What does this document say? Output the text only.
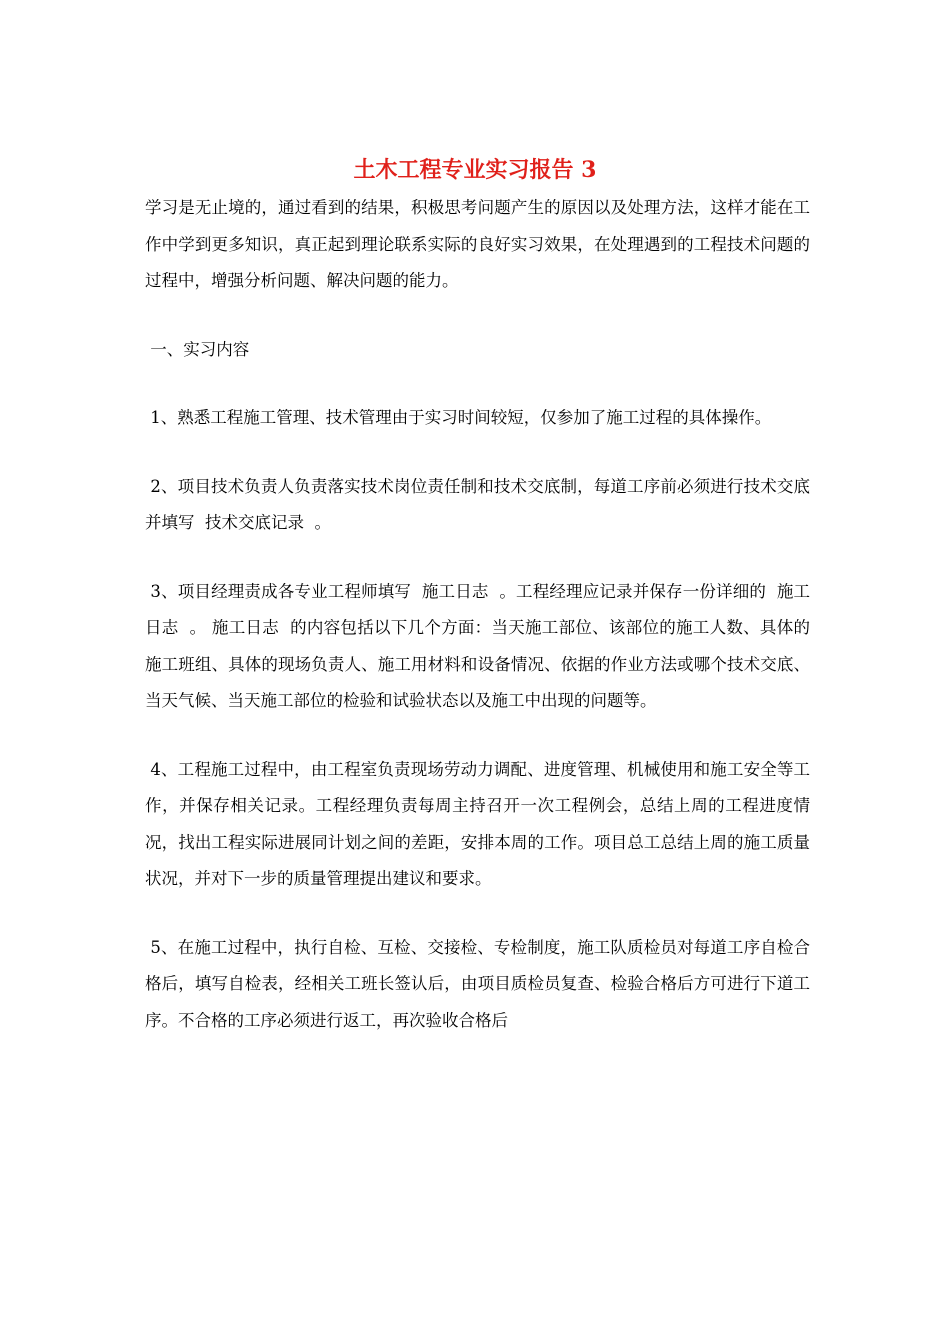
土木工程专业实习报告 3

学习是无止境的，通过看到的结果，积极思考问题产生的原因以及处理方法，这样才能在工作中学到更多知识，真正起到理论联系实际的良好实习效果，在处理遇到的工程技术问题的过程中，增强分析问题、解决问题的能力。

一、实习内容

1、熟悉工程施工管理、技术管理由于实习时间较短，仅参加了施工过程的具体操作。

2、项目技术负责人负责落实技术岗位责任制和技术交底制，每道工序前必须进行技术交底并填写  技术交底记录  。

3、项目经理责成各专业工程师填写  施工日志  。工程经理应记录并保存一份详细的  施工日志  。 施工日志  的内容包括以下几个方面：当天施工部位、该部位的施工人数、具体的施工班组、具体的现场负责人、施工用材料和设备情况、依据的作业方法或哪个技术交底、当天气候、当天施工部位的检验和试验状态以及施工中出现的问题等。

4、工程施工过程中，由工程室负责现场劳动力调配、进度管理、机械使用和施工安全等工作，并保存相关记录。工程经理负责每周主持召开一次工程例会，总结上周的工程进度情况，找出工程实际进展同计划之间的差距，安排本周的工作。项目总工总结上周的施工质量状况，并对下一步的质量管理提出建议和要求。

5、在施工过程中，执行自检、互检、交接检、专检制度，施工队质检员对每道工序自检合格后，填写自检表，经相关工班长签认后，由项目质检员复查、检验合格后方可进行下道工序。不合格的工序必须进行返工，再次验收合格后
